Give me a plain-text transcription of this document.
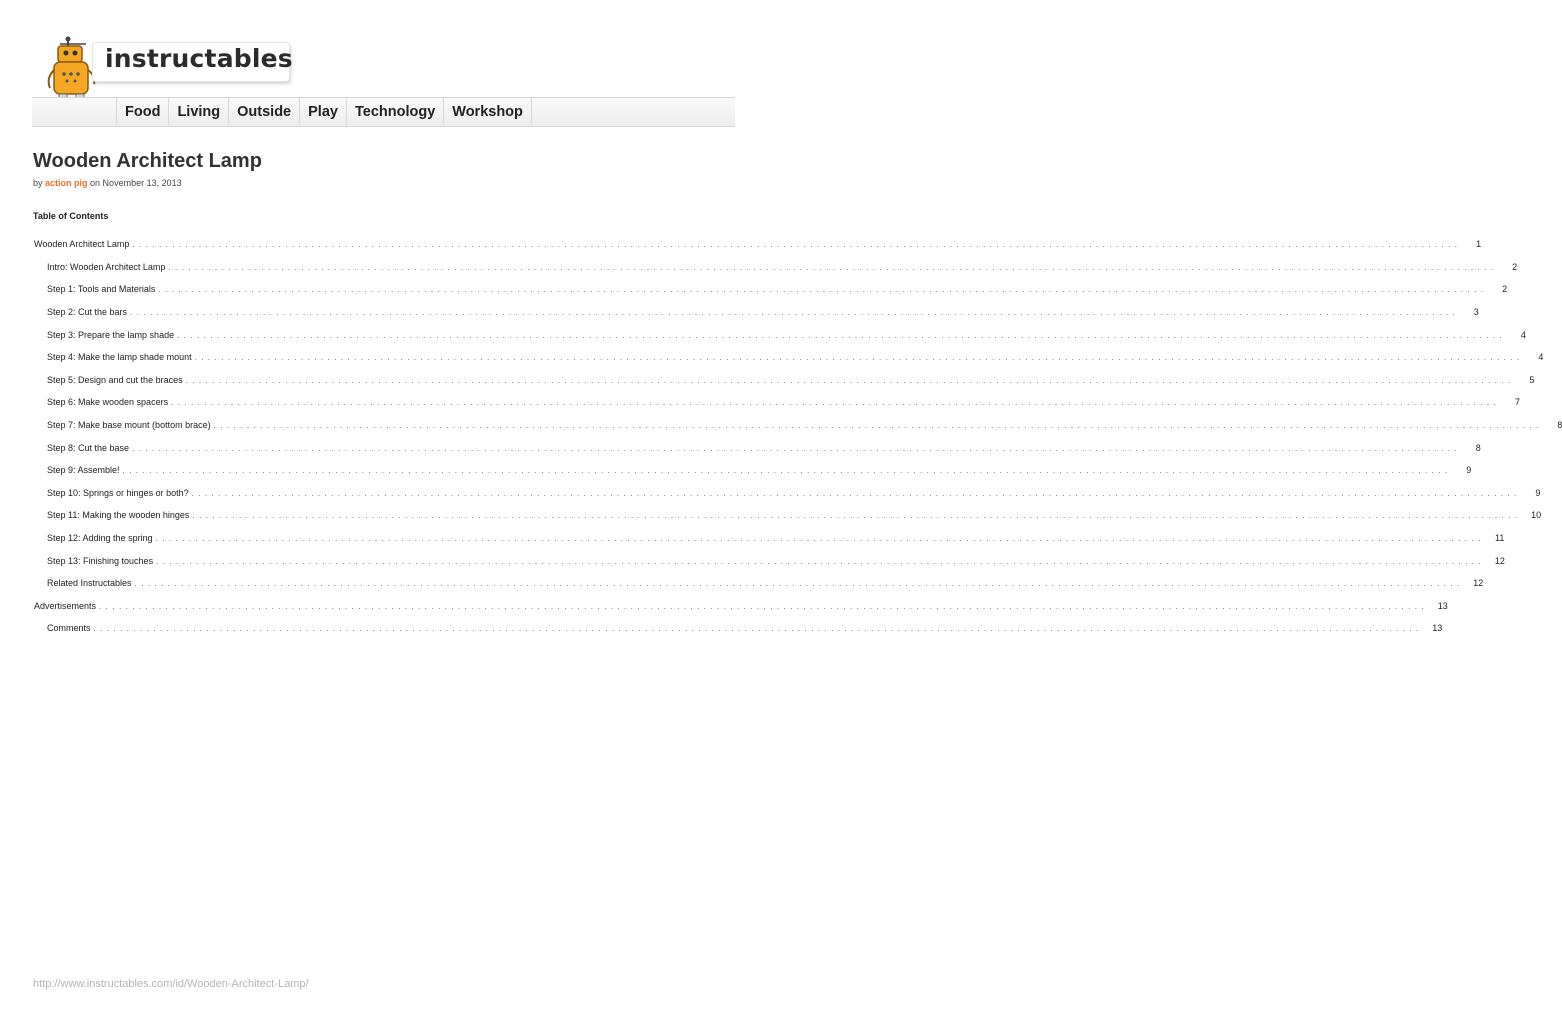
instructables
Food	Living	Outside	Play	Technology	Workshop
Wooden Architect Lamp
by action pig on November 13, 2013
Table of Contents
Wooden Architect Lamp . . . . . . . . . . . . . . . . . . . . . . . . . . . . . . . . . . . . . . . . . . . . . . . . . . . . . . . . . . . . . . . . . . . . . . . . . . . . . . . . . . . . . . . . . . . . . . . . . . . . . . . . . . . . . . . . . . . . . . . . . . . . . . . . . . . . . . . . . . . . . . . . . . . . . . . . . . . . . . . . . . . . . . . . . . . . . . . . . . . . . . . . . . . . . . . . . . . . . . . .	1
Intro: Wooden Architect Lamp . . . . . . . . . . . . . . . . . . . . . . . . . . . . . . . . . . . . . . . . . . . . . . . . . . . . . . . . . . . . . . . . . . . . . . . . . . . . . . . . . . . . . . . . . . . . . . . . . . . . . . . . . . . . . . . . . . . . . . . . . . . . . . . . . . . . . . . . . . . . . . . . . . . . . . . . . . . . . . . . . . . . . . . . . . . . . . . . . . . . . . . . . . . . . . . . . . . . . . . .	2
Step 1: Tools and Materials . . . . . . . . . . . . . . . . . . . . . . . . . . . . . . . . . . . . . . . . . . . . . . . . . . . . . . . . . . . . . . . . . . . . . . . . . . . . . . . . . . . . . . . . . . . . . . . . . . . . . . . . . . . . . . . . . . . . . . . . . . . . . . . . . . . . . . . . . . . . . . . . . . . . . . . . . . . . . . . . . . . . . . . . . . . . . . . . . . . . . . . . . . . . . . . . . . . . . . . .	2
Step 2: Cut the bars . . . . . . . . . . . . . . . . . . . . . . . . . . . . . . . . . . . . . . . . . . . . . . . . . . . . . . . . . . . . . . . . . . . . . . . . . . . . . . . . . . . . . . . . . . . . . . . . . . . . . . . . . . . . . . . . . . . . . . . . . . . . . . . . . . . . . . . . . . . . . . . . . . . . . . . . . . . . . . . . . . . . . . . . . . . . . . . . . . . . . . . . . . . . . . . . . . . . . . . .	3
Step 3: Prepare the lamp shade . . . . . . . . . . . . . . . . . . . . . . . . . . . . . . . . . . . . . . . . . . . . . . . . . . . . . . . . . . . . . . . . . . . . . . . . . . . . . . . . . . . . . . . . . . . . . . . . . . . . . . . . . . . . . . . . . . . . . . . . . . . . . . . . . . . . . . . . . . . . . . . . . . . . . . . . . . . . . . . . . . . . . . . . . . . . . . . . . . . . . . . . . . . . . . . . . . . . . . . .	4
Step 4: Make the lamp shade mount . . . . . . . . . . . . . . . . . . . . . . . . . . . . . . . . . . . . . . . . . . . . . . . . . . . . . . . . . . . . . . . . . . . . . . . . . . . . . . . . . . . . . . . . . . . . . . . . . . . . . . . . . . . . . . . . . . . . . . . . . . . . . . . . . . . . . . . . . . . . . . . . . . . . . . . . . . . . . . . . . . . . . . . . . . . . . . . . . . . . . . . . . . . . . . . . . . . . . . . .	4
Step 5: Design and cut the braces . . . . . . . . . . . . . . . . . . . . . . . . . . . . . . . . . . . . . . . . . . . . . . . . . . . . . . . . . . . . . . . . . . . . . . . . . . . . . . . . . . . . . . . . . . . . . . . . . . . . . . . . . . . . . . . . . . . . . . . . . . . . . . . . . . . . . . . . . . . . . . . . . . . . . . . . . . . . . . . . . . . . . . . . . . . . . . . . . . . . . . . . . . . . . . . . . . . . . . . .	5
Step 6: Make wooden spacers . . . . . . . . . . . . . . . . . . . . . . . . . . . . . . . . . . . . . . . . . . . . . . . . . . . . . . . . . . . . . . . . . . . . . . . . . . . . . . . . . . . . . . . . . . . . . . . . . . . . . . . . . . . . . . . . . . . . . . . . . . . . . . . . . . . . . . . . . . . . . . . . . . . . . . . . . . . . . . . . . . . . . . . . . . . . . . . . . . . . . . . . . . . . . . . . . . . . . . . .	7
Step 7: Make base mount (bottom brace) . . . . . . . . . . . . . . . . . . . . . . . . . . . . . . . . . . . . . . . . . . . . . . . . . . . . . . . . . . . . . . . . . . . . . . . . . . . . . . . . . . . . . . . . . . . . . . . . . . . . . . . . . . . . . . . . . . . . . . . . . . . . . . . . . . . . . . . . . . . . . . . . . . . . . . . . . . . . . . . . . . . . . . . . . . . . . . . . . . . . . . . . . . . . . . . . . . . . . . . .	8
Step 8: Cut the base . . . . . . . . . . . . . . . . . . . . . . . . . . . . . . . . . . . . . . . . . . . . . . . . . . . . . . . . . . . . . . . . . . . . . . . . . . . . . . . . . . . . . . . . . . . . . . . . . . . . . . . . . . . . . . . . . . . . . . . . . . . . . . . . . . . . . . . . . . . . . . . . . . . . . . . . . . . . . . . . . . . . . . . . . . . . . . . . . . . . . . . . . . . . . . . . . . . . . . . .	8
Step 9: Assemble! . . . . . . . . . . . . . . . . . . . . . . . . . . . . . . . . . . . . . . . . . . . . . . . . . . . . . . . . . . . . . . . . . . . . . . . . . . . . . . . . . . . . . . . . . . . . . . . . . . . . . . . . . . . . . . . . . . . . . . . . . . . . . . . . . . . . . . . . . . . . . . . . . . . . . . . . . . . . . . . . . . . . . . . . . . . . . . . . . . . . . . . . . . . . . . . . . . . . . . . .	9
Step 10: Springs or hinges or both? . . . . . . . . . . . . . . . . . . . . . . . . . . . . . . . . . . . . . . . . . . . . . . . . . . . . . . . . . . . . . . . . . . . . . . . . . . . . . . . . . . . . . . . . . . . . . . . . . . . . . . . . . . . . . . . . . . . . . . . . . . . . . . . . . . . . . . . . . . . . . . . . . . . . . . . . . . . . . . . . . . . . . . . . . . . . . . . . . . . . . . . . . . . . . . . . . . . . . . . .	9
Step 11: Making the wooden hinges . . . . . . . . . . . . . . . . . . . . . . . . . . . . . . . . . . . . . . . . . . . . . . . . . . . . . . . . . . . . . . . . . . . . . . . . . . . . . . . . . . . . . . . . . . . . . . . . . . . . . . . . . . . . . . . . . . . . . . . . . . . . . . . . . . . . . . . . . . . . . . . . . . . . . . . . . . . . . . . . . . . . . . . . . . . . . . . . . . . . . . . . . . . . . . . . . . . . . . . .	10
Step 12: Adding the spring . . . . . . . . . . . . . . . . . . . . . . . . . . . . . . . . . . . . . . . . . . . . . . . . . . . . . . . . . . . . . . . . . . . . . . . . . . . . . . . . . . . . . . . . . . . . . . . . . . . . . . . . . . . . . . . . . . . . . . . . . . . . . . . . . . . . . . . . . . . . . . . . . . . . . . . . . . . . . . . . . . . . . . . . . . . . . . . . . . . . . . . . . . . . . . . . . . . . . . . .	11
Step 13: Finishing touches . . . . . . . . . . . . . . . . . . . . . . . . . . . . . . . . . . . . . . . . . . . . . . . . . . . . . . . . . . . . . . . . . . . . . . . . . . . . . . . . . . . . . . . . . . . . . . . . . . . . . . . . . . . . . . . . . . . . . . . . . . . . . . . . . . . . . . . . . . . . . . . . . . . . . . . . . . . . . . . . . . . . . . . . . . . . . . . . . . . . . . . . . . . . . . . . . . . . . . . .	12
Related Instructables . . . . . . . . . . . . . . . . . . . . . . . . . . . . . . . . . . . . . . . . . . . . . . . . . . . . . . . . . . . . . . . . . . . . . . . . . . . . . . . . . . . . . . . . . . . . . . . . . . . . . . . . . . . . . . . . . . . . . . . . . . . . . . . . . . . . . . . . . . . . . . . . . . . . . . . . . . . . . . . . . . . . . . . . . . . . . . . . . . . . . . . . . . . . . . . . . . . . . . . .	12
Advertisements . . . . . . . . . . . . . . . . . . . . . . . . . . . . . . . . . . . . . . . . . . . . . . . . . . . . . . . . . . . . . . . . . . . . . . . . . . . . . . . . . . . . . . . . . . . . . . . . . . . . . . . . . . . . . . . . . . . . . . . . . . . . . . . . . . . . . . . . . . . . . . . . . . . . . . . . . . . . . . . . . . . . . . . . . . . . . . . . . . . . . . . . . . . . . . . . . . . . . . . .	13
Comments . . . . . . . . . . . . . . . . . . . . . . . . . . . . . . . . . . . . . . . . . . . . . . . . . . . . . . . . . . . . . . . . . . . . . . . . . . . . . . . . . . . . . . . . . . . . . . . . . . . . . . . . . . . . . . . . . . . . . . . . . . . . . . . . . . . . . . . . . . . . . . . . . . . . . . . . . . . . . . . . . . . . . . . . . . . . . . . . . . . . . . . . . . . . . . . . . . . . . . . .	13
http://www.instructables.com/id/Wooden-Architect-Lamp/
